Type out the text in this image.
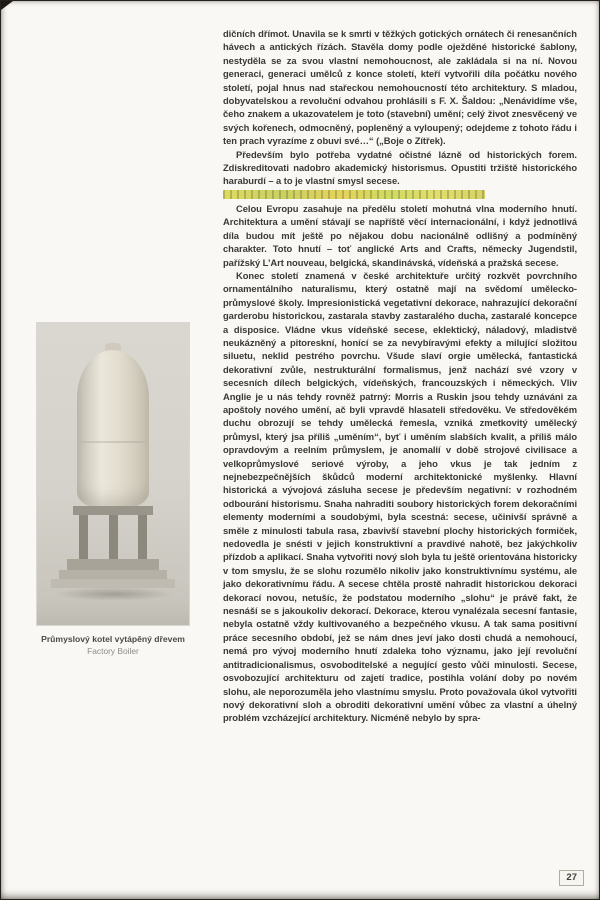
Průmyslový kotel vytápěný dřevem
Factory Boiler

dičních dřímot. Unavila se k smrti v těžkých gotických ornátech či renesančních hávech a antických řízách. Stavěla domy podle oježděné historické šablony, nestyděla se za svou vlastní nemohoucnost, ale zakládala si na ní. Novou generaci, generaci umělců z konce století, kteří vytvořili díla počátku nového století, pojal hnus nad stařeckou nemohoucností této architektury. S mladou, dobyvatelskou a revoluční odvahou prohlásili s F. X. Šaldou: „Nenávidíme vše, čeho znakem a ukazovatelem je toto (stavební) umění; celý život znesvěcený ve svých kořenech, odmocněný, popleněný a vyloupený; odejdeme z tohoto řádu i ten prach vyrazíme z obuvi své…“ („Boje o Zítřek).

Především bylo potřeba vydatné očistné lázně od historických forem. Zdiskreditovati nadobro akademický historismus. Opustiti tržiště historického haraburdí – a to je vlastní smysl secese.

Celou Evropu zasahuje na předělu století mohutná vlna moderního hnutí. Architektura a umění stávají se napříště věcí internacionální, i když jednotlivá díla budou mít ještě po nějakou dobu nacionálně odlišný a podmíněný charakter. Toto hnutí – toť anglické Arts and Crafts, německy Jugendstil, pařížský L’Art nouveau, belgická, skandinávská, vídeňská a pražská secese.

Konec století znamená v české architektuře určitý rozkvět povrchního ornamentálního naturalismu, který ostatně mají na svědomí umělecko-průmyslové školy. Impresionistická vegetativní dekorace, nahrazující dekorační garderobu historickou, zastarala stavby zastaralého ducha, zastaralé koncepce a disposice. Vládne vkus vídeňské secese, eklektický, náladový, mladistvě neukázněný a pitoreskní, honící se za nevybíravými efekty a milující složitou siluetu, neklid pestrého povrchu. Všude slaví orgie umělecká, fantastická dekorativní zvůle, nestrukturální formalismus, jenž nachází své vzory v secesních dílech belgických, vídeňských, francouzských i německých. Vliv Anglie je u nás tehdy rovněž patrný: Morris a Ruskin jsou tehdy uznáváni za apoštoly nového umění, ač byli vpravdě hlasateli středověku. Ve středověkém duchu obrozují se tehdy umělecká řemesla, vzniká zmetkovitý umělecký průmysl, který jsa příliš „uměním“, byť i uměním slabších kvalit, a příliš málo opravdovým a reelním průmyslem, je anomalií v době strojové civilisace a velkoprůmyslové seriové výroby, a jeho vkus je tak jedním z nejnebezpečnějších škůdců moderní architektonické myšlenky. Hlavní historická a vývojová zásluha secese je především negativní: v rozhodném odbourání historismu. Snaha nahraditi soubory historických forem dekoračními elementy moderními a soudobými, byla scestná: secese, učinivší správně a směle z minulosti tabula rasa, zbavivší stavební plochy historických formiček, nedovedla je snésti v jejich konstruktivní a pravdivé nahotě, bez jakýchkoliv přízdob a aplikací. Snaha vytvořiti nový sloh byla tu ještě orientována historicky v tom smyslu, že se slohu rozumělo nikoliv jako konstruktivnímu systému, ale jako dekorativnímu řádu. A secese chtěla prostě nahradit historickou dekoraci dekorací novou, netušíc, že podstatou moderního „slohu“ je právě fakt, že nesnáší se s jakoukoliv dekorací. Dekorace, kterou vynalézala secesní fantasie, nebyla ostatně vždy kultivovaného a bezpečného vkusu. A tak sama positivní práce secesního období, jež se nám dnes jeví jako dosti chudá a nemohoucí, nemá pro vývoj moderního hnutí zdaleka toho významu, jako její revoluční antitradicionalismus, osvoboditelské a negující gesto vůči minulosti. Secese, osvobozující architekturu od zajetí tradice, postihla volání doby po novém slohu, ale neporozuměla jeho vlastnímu smyslu. Proto považovala úkol vytvořiti nový dekorativní sloh a obroditi dekorativní umění vůbec za vlastní a úhelný problém vzcházející architektury. Nicméně nebylo by spra-

27
